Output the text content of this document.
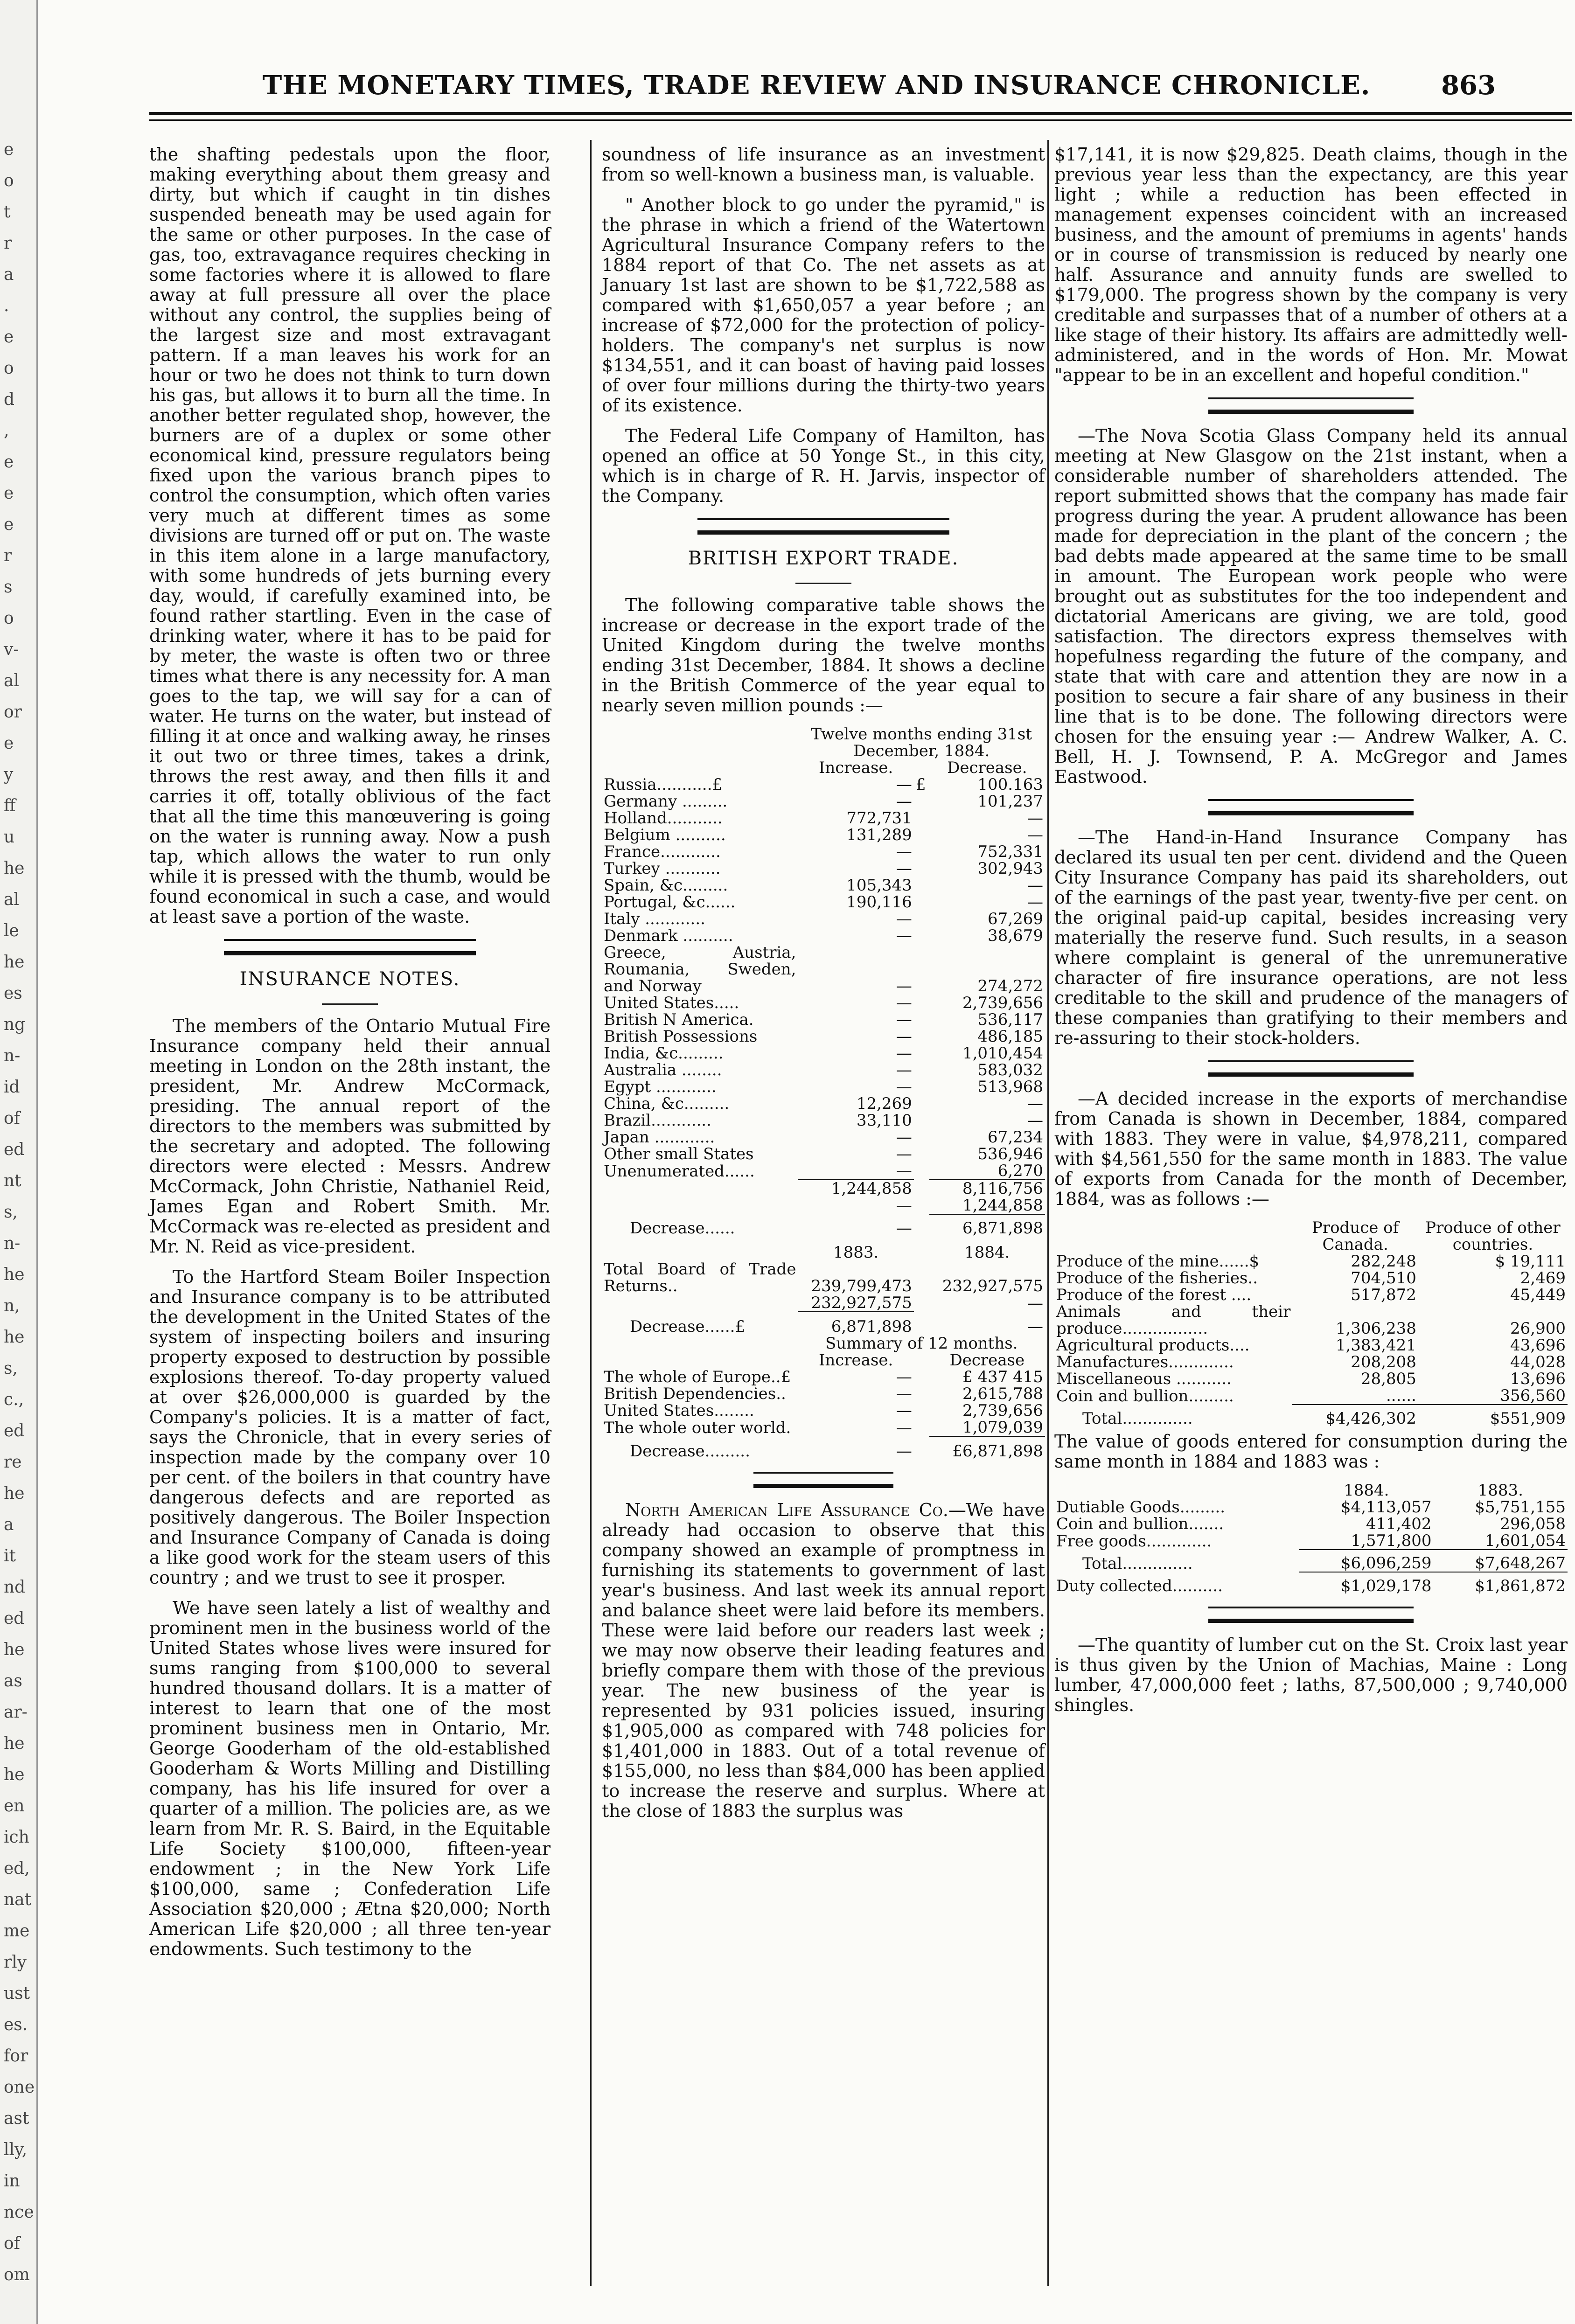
e
o
t
r
a
.
e
o
d
,
e
e
e
r
s
o
v-
al
or
e
y
ff
u
he
al
le
he
es
ng
n-
id
of
ed
nt
s,
n-
he
n,
he
s,
c.,
ed
re
he
a
it
nd
ed
he
as
ar-
he
he
en
ich
ed,
nat
me
rly
ust
es.
for
one
ast
lly,
in
nce
of
om
THE MONETARY TIMES, TRADE REVIEW AND INSURANCE CHRONICLE.	863

the shafting pedestals upon the floor, making everything about them greasy and dirty, but which if caught in tin dishes suspended beneath may be used again for the same or other purposes. In the case of gas, too, extravagance requires checking in some factories where it is allowed to flare away at full pressure all over the place without any control, the supplies being of the largest size and most extravagant pattern. If a man leaves his work for an hour or two he does not think to turn down his gas, but allows it to burn all the time. In another better regulated shop, however, the burners are of a duplex or some other economical kind, pressure regulators being fixed upon the various branch pipes to control the consumption, which often varies very much at different times as some divisions are turned off or put on. The waste in this item alone in a large manufactory, with some hundreds of jets burning every day, would, if carefully examined into, be found rather startling. Even in the case of drinking water, where it has to be paid for by meter, the waste is often two or three times what there is any necessity for. A man goes to the tap, we will say for a can of water. He turns on the water, but instead of filling it at once and walking away, he rinses it out two or three times, takes a drink, throws the rest away, and then fills it and carries it off, totally oblivious of the fact that all the time this manœuvering is going on the water is running away. Now a push tap, which allows the water to run only while it is pressed with the thumb, would be found economical in such a case, and would at least save a portion of the waste.

INSURANCE NOTES.

The members of the Ontario Mutual Fire Insurance company held their annual meeting in London on the 28th instant, the president, Mr. Andrew McCormack, presiding. The annual report of the directors to the members was submitted by the secretary and adopted. The following directors were elected : Messrs. Andrew McCormack, John Christie, Nathaniel Reid, James Egan and Robert Smith. Mr. McCormack was re-elected as president and Mr. N. Reid as vice-president.

To the Hartford Steam Boiler Inspection and Insurance company is to be attributed the development in the United States of the system of inspecting boilers and insuring property exposed to destruction by possible explosions thereof. To-day property valued at over $26,000,000 is guarded by the Company's policies. It is a matter of fact, says the Chronicle, that in every series of inspection made by the company over 10 per cent. of the boilers in that country have dangerous defects and are reported as positively dangerous. The Boiler Inspection and Insurance Company of Canada is doing a like good work for the steam users of this country ; and we trust to see it prosper.

We have seen lately a list of wealthy and prominent men in the business world of the United States whose lives were insured for sums ranging from $100,000 to several hundred thousand dollars. It is a matter of interest to learn that one of the most prominent business men in Ontario, Mr. George Gooderham of the old-established Gooderham & Worts Milling and Distilling company, has his life insured for over a quarter of a million. The policies are, as we learn from Mr. R. S. Baird, in the Equitable Life Society $100,000, fifteen-year endowment ; in the New York Life $100,000, same ; Confederation Life Association $20,000 ; Ætna $20,000; North American Life $20,000 ; all three ten-year endowments. Such testimony to the

soundness of life insurance as an investment from so well-known a business man, is valuable.

" Another block to go under the pyramid," is the phrase in which a friend of the Watertown Agricultural Insurance Company refers to the 1884 report of that Co. The net assets as at January 1st last are shown to be $1,722,588 as compared with $1,650,057 a year before ; an increase of $72,000 for the protection of policy-holders. The company's net surplus is now $134,551, and it can boast of having paid losses of over four millions during the thirty-two years of its existence.

The Federal Life Company of Hamilton, has opened an office at 50 Yonge St., in this city, which is in charge of R. H. Jarvis, inspector of the Company.

BRITISH EXPORT TRADE.

The following comparative table shows the increase or decrease in the export trade of the United Kingdom during the twelve months ending 31st December, 1884. It shows a decline in the British Commerce of the year equal to nearly seven million pounds :—

	Twelve months ending 31st December, 1884.		
	Increase.		Decrease.
Russia...........£	—	£	100.163
Germany .........	—		101,237
Holland...........	772,731		—
Belgium ..........	131,289		—
France............	—		752,331
Turkey ...........	—		302,943
Spain, &c.........	105,343		—
Portugal, &c......	190,116		—
Italy ............	—		67,269
Denmark ..........	—		38,679
Greece, Austria, Roumania, Sweden, and Norway	—		274,272
United States.....	—		2,739,656
British N America.	—		536,117
British Possessions	—		486,185
India, &c.........	—		1,010,454
Australia ........	—		583,032
Egypt ............	—		513,968
China, &c.........	12,269		—
Brazil............	33,110		—
Japan ............	—		67,234
Other small States	—		536,946
Unenumerated......	—		6,270
	1,244,858		8,116,756
	—		1,244,858
Decrease......	—		6,871,898
	1883.		1884.
Total Board of Trade Returns..	239,799,473		232,927,575
	232,927,575		—
Decrease......£	6,871,898		—
	Summary of 12 months.		
	Increase.		Decrease
The whole of Europe..£	—		£ 437 415
British Dependencies..	—		2,615,788
United States........	—		2,739,656
The whole outer world.	—		1,079,039
Decrease.........	—		£6,871,898

North American Life Assurance Co.—We have already had occasion to observe that this company showed an example of promptness in furnishing its statements to government of last year's business. And last week its annual report and balance sheet were laid before its members. These were laid before our readers last week ; we may now observe their leading features and briefly compare them with those of the previous year. The new business of the year is represented by 931 policies issued, insuring $1,905,000 as compared with 748 policies for $1,401,000 in 1883. Out of a total revenue of $155,000, no less than $84,000 has been applied to increase the reserve and surplus. Where at the close of 1883 the surplus was

$17,141, it is now $29,825. Death claims, though in the previous year less than the expectancy, are this year light ; while a reduction has been effected in management expenses coincident with an increased business, and the amount of premiums in agents' hands or in course of transmission is reduced by nearly one half. Assurance and annuity funds are swelled to $179,000. The progress shown by the company is very creditable and surpasses that of a number of others at a like stage of their history. Its affairs are admittedly well-administered, and in the words of Hon. Mr. Mowat "appear to be in an excellent and hopeful condition."

—The Nova Scotia Glass Company held its annual meeting at New Glasgow on the 21st instant, when a considerable number of shareholders attended. The report submitted shows that the company has made fair progress during the year. A prudent allowance has been made for depreciation in the plant of the concern ; the bad debts made appeared at the same time to be small in amount. The European work people who were brought out as substitutes for the too independent and dictatorial Americans are giving, we are told, good satisfaction. The directors express themselves with hopefulness regarding the future of the company, and state that with care and attention they are now in a position to secure a fair share of any business in their line that is to be done. The following directors were chosen for the ensuing year :— Andrew Walker, A. C. Bell, H. J. Townsend, P. A. McGregor and James Eastwood.

—The Hand-in-Hand Insurance Company has declared its usual ten per cent. dividend and the Queen City Insurance Company has paid its shareholders, out of the earnings of the past year, twenty-five per cent. on the original paid-up capital, besides increasing very materially the reserve fund. Such results, in a season where complaint is general of the unremunerative character of fire insurance operations, are not less creditable to the skill and prudence of the managers of these companies than gratifying to their members and re-assuring to their stock-holders.

—A decided increase in the exports of merchandise from Canada is shown in December, 1884, compared with 1883. They were in value, $4,978,211, compared with $4,561,550 for the same month in 1883. The value of exports from Canada for the month of December, 1884, was as follows :—

	Produce of Canada.	Produce of other countries.
Produce of the mine......$	282,248	$ 19,111
Produce of the fisheries..	704,510	2,469
Produce of the forest ....	517,872	45,449
Animals and their produce.................	1,306,238	26,900
Agricultural products....	1,383,421	43,696
Manufactures.............	208,208	44,028
Miscellaneous ...........	28,805	13,696
Coin and bullion.........	......	356,560
Total..............	$4,426,302	$551,909

The value of goods entered for consumption during the same month in 1884 and 1883 was :

	1884.	1883.
Dutiable Goods.........	$4,113,057	$5,751,155
Coin and bullion.......	411,402	296,058
Free goods.............	1,571,800	1,601,054
Total..............	$6,096,259	$7,648,267
Duty collected..........	$1,029,178	$1,861,872

—The quantity of lumber cut on the St. Croix last year is thus given by the Union of Machias, Maine : Long lumber, 47,000,000 feet ; laths, 87,500,000 ; 9,740,000 shingles.
